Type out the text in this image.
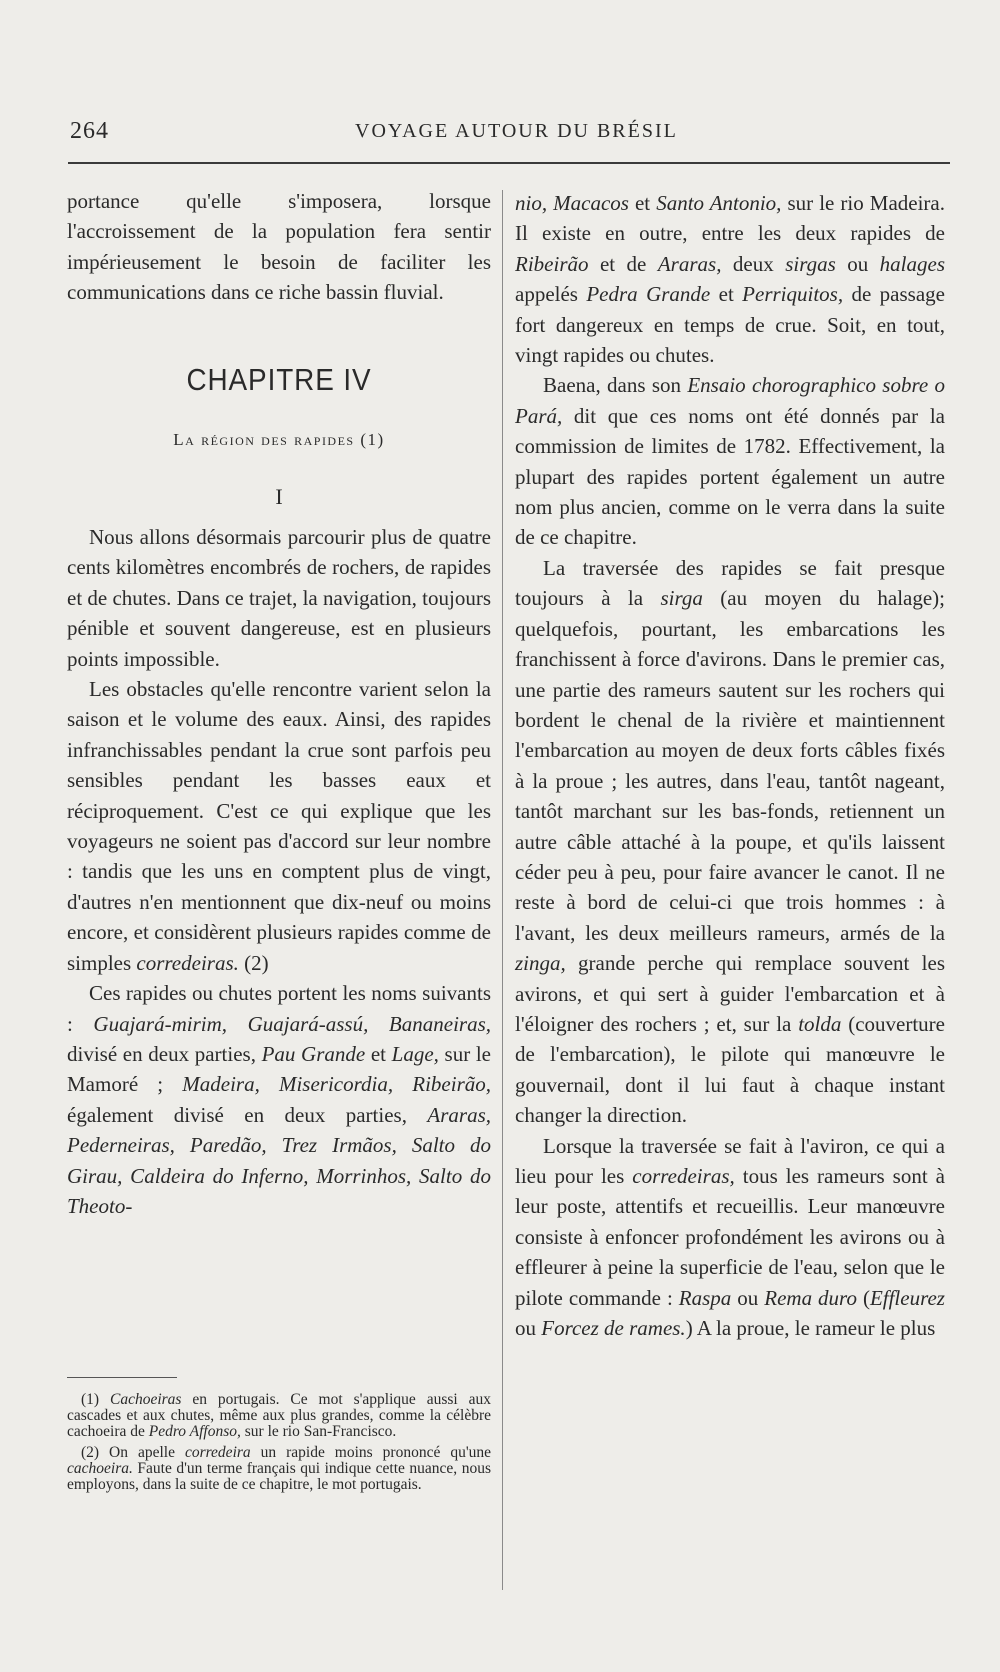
264	VOYAGE AUTOUR DU BRÉSIL

portance qu'elle s'imposera, lorsque l'accroissement de la population fera sentir impérieusement le besoin de faciliter les communications dans ce riche bassin fluvial.

CHAPITRE IV
La région des rapides (1)
I

Nous allons désormais parcourir plus de quatre cents kilomètres encombrés de rochers, de rapides et de chutes. Dans ce trajet, la navigation, toujours pénible et souvent dangereuse, est en plusieurs points impossible.

Les obstacles qu'elle rencontre varient selon la saison et le volume des eaux. Ainsi, des rapides infranchissables pendant la crue sont parfois peu sensibles pendant les basses eaux et réciproquement. C'est ce qui explique que les voyageurs ne soient pas d'accord sur leur nombre : tandis que les uns en comptent plus de vingt, d'autres n'en mentionnent que dix-neuf ou moins encore, et considèrent plusieurs rapides comme de simples corredeiras. (2)

Ces rapides ou chutes portent les noms suivants : Guajará-mirim, Guajará-assú, Bananeiras, divisé en deux parties, Pau Grande et Lage, sur le Mamoré ; Madeira, Misericordia, Ribeirão, également divisé en deux parties, Araras, Pederneiras, Paredão, Trez Irmãos, Salto do Girau, Caldeira do Inferno, Morrinhos, Salto do Theoto-

(1) Cachoeiras en portugais. Ce mot s'applique aussi aux cascades et aux chutes, même aux plus grandes, comme la célèbre cachoeira de Pedro Affonso, sur le rio San-Francisco.

(2) On apelle corredeira un rapide moins prononcé qu'une cachoeira. Faute d'un terme français qui indique cette nuance, nous employons, dans la suite de ce chapitre, le mot portugais.

nio, Macacos et Santo Antonio, sur le rio Madeira. Il existe en outre, entre les deux rapides de Ribeirão et de Araras, deux sirgas ou halages appelés Pedra Grande et Perriquitos, de passage fort dangereux en temps de crue. Soit, en tout, vingt rapides ou chutes.

Baena, dans son Ensaio chorographico sobre o Pará, dit que ces noms ont été donnés par la commission de limites de 1782. Effectivement, la plupart des rapides portent également un autre nom plus ancien, comme on le verra dans la suite de ce chapitre.

La traversée des rapides se fait presque toujours à la sirga (au moyen du halage); quelquefois, pourtant, les embarcations les franchissent à force d'avirons. Dans le premier cas, une partie des rameurs sautent sur les rochers qui bordent le chenal de la rivière et maintiennent l'embarcation au moyen de deux forts câbles fixés à la proue ; les autres, dans l'eau, tantôt nageant, tantôt marchant sur les bas-fonds, retiennent un autre câble attaché à la poupe, et qu'ils laissent céder peu à peu, pour faire avancer le canot. Il ne reste à bord de celui-ci que trois hommes : à l'avant, les deux meilleurs rameurs, armés de la zinga, grande perche qui remplace souvent les avirons, et qui sert à guider l'embarcation et à l'éloigner des rochers ; et, sur la tolda (couverture de l'embarcation), le pilote qui manœuvre le gouvernail, dont il lui faut à chaque instant changer la direction.

Lorsque la traversée se fait à l'aviron, ce qui a lieu pour les corredeiras, tous les rameurs sont à leur poste, attentifs et recueillis. Leur manœuvre consiste à enfoncer profondément les avirons ou à effleurer à peine la superficie de l'eau, selon que le pilote commande : Raspa ou Rema duro (Effleurez ou Forcez de rames.) A la proue, le rameur le plus
